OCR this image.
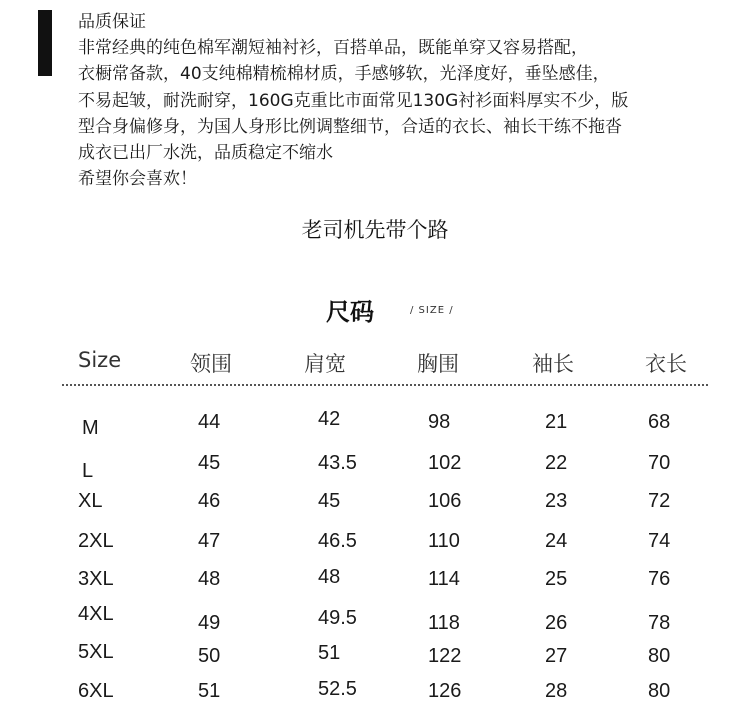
品质保证
非常经典的纯色棉军潮短袖衬衫，百搭单品，既能单穿又容易搭配，
衣橱常备款，40支纯棉精梳棉材质，手感够软，光泽度好，垂坠感佳，
不易起皱，耐洗耐穿，160G克重比市面常见130G衬衫面料厚实不少，版
型合身偏修身，为国人身形比例调整细节，合适的衣长、袖长干练不拖沓
成衣已出厂水洗，品质稳定不缩水
希望你会喜欢！
老司机先带个路
尺码	/ SIZE /
Size	领围	肩宽	胸围	袖长	衣长
M	44	42	98	21	68
L	45	43.5	102	22	70
XL	46	45	106	23	72
2XL	47	46.5	110	24	74
3XL	48	48	114	25	76
4XL	49	49.5	118	26	78
5XL	50	51	122	27	80
6XL	51	52.5	126	28	80
